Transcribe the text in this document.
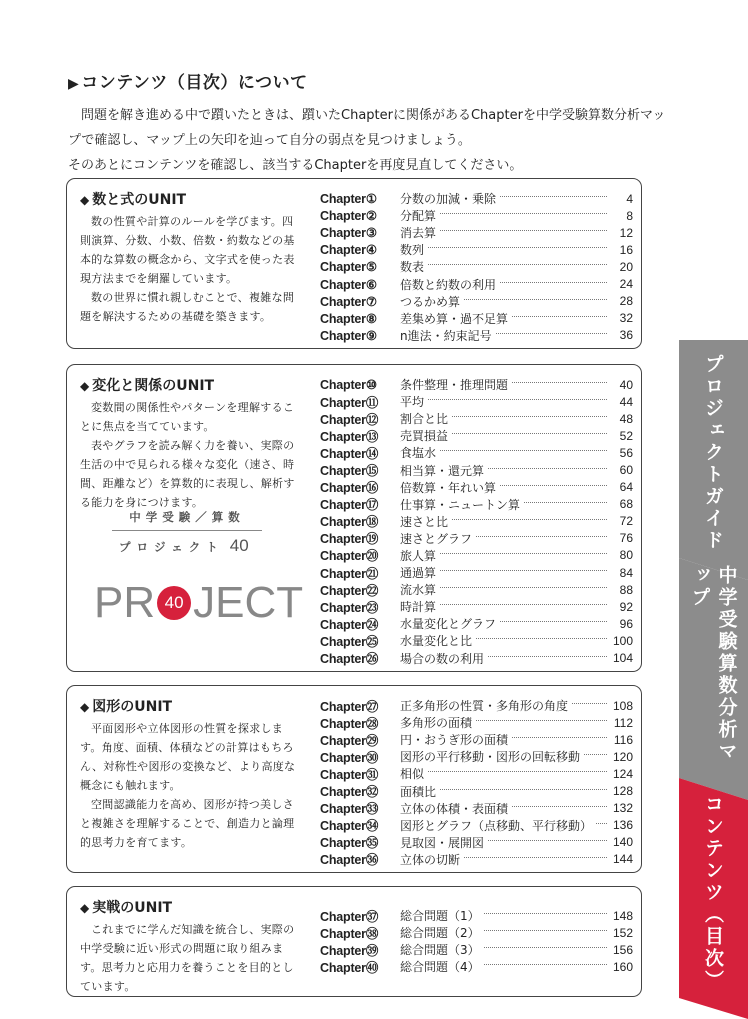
▶ コンテンツ（目次）について

問題を解き進める中で躓いたときは、躓いたChapterに関係があるChapterを中学受験算数分析マップで確認し、マップ上の矢印を辿って自分の弱点を見つけましょう。

そのあとにコンテンツを確認し、該当するChapterを再度見直してください。

◆ 数と式のUNIT

数の性質や計算のルールを学びます。四則演算、分数、小数、倍数・約数などの基本的な算数の概念から、文字式を使った表現方法までを網羅しています。

数の世界に慣れ親しむことで、複雑な問題を解決するための基礎を築きます。

Chapter①	分数の加減・乗除	4
Chapter②	分配算	8
Chapter③	消去算	12
Chapter④	数列	16
Chapter⑤	数表	20
Chapter⑥	倍数と約数の利用	24
Chapter⑦	つるかめ算	28
Chapter⑧	差集め算・過不足算	32
Chapter⑨	n進法・約束記号	36
◆ 変化と関係のUNIT

変数間の関係性やパターンを理解することに焦点を当てています。

表やグラフを読み解く力を養い、実際の生活の中で見られる様々な変化（速さ、時間、距離など）を算数的に表現し、解析する能力を身につけます。

中学受験／算数
プロジェクト 40
PR 40 JECT
Chapter⑩	条件整理・推理問題	40
Chapter⑪	平均	44
Chapter⑫	割合と比	48
Chapter⑬	売買損益	52
Chapter⑭	食塩水	56
Chapter⑮	相当算・還元算	60
Chapter⑯	倍数算・年れい算	64
Chapter⑰	仕事算・ニュートン算	68
Chapter⑱	速さと比	72
Chapter⑲	速さとグラフ	76
Chapter⑳	旅人算	80
Chapter㉑	通過算	84
Chapter㉒	流水算	88
Chapter㉓	時計算	92
Chapter㉔	水量変化とグラフ	96
Chapter㉕	水量変化と比	100
Chapter㉖	場合の数の利用	104
◆ 図形のUNIT

平面図形や立体図形の性質を探求します。角度、面積、体積などの計算はもちろん、対称性や図形の変換など、より高度な概念にも触れます。

空間認識能力を高め、図形が持つ美しさと複雑さを理解することで、創造力と論理的思考力を育てます。

Chapter㉗	正多角形の性質・多角形の角度	108
Chapter㉘	多角形の面積	112
Chapter㉙	円・おうぎ形の面積	116
Chapter㉚	図形の平行移動・図形の回転移動	120
Chapter㉛	相似	124
Chapter㉜	面積比	128
Chapter㉝	立体の体積・表面積	132
Chapter㉞	図形とグラフ（点移動、平行移動） 136
Chapter㉟	見取図・展開図	140
Chapter㊱	立体の切断	144
◆ 実戦のUNIT

これまでに学んだ知識を統合し、実際の中学受験に近い形式の問題に取り組みます。思考力と応用力を養うことを目的としています。

Chapter㊲	総合問題（1）	148
Chapter㊳	総合問題（2）	152
Chapter㊴	総合問題（3）	156
Chapter㊵	総合問題（4）	160
プロジェクトガイド
中学受験算数分析マップ
コンテンツ（目次）
